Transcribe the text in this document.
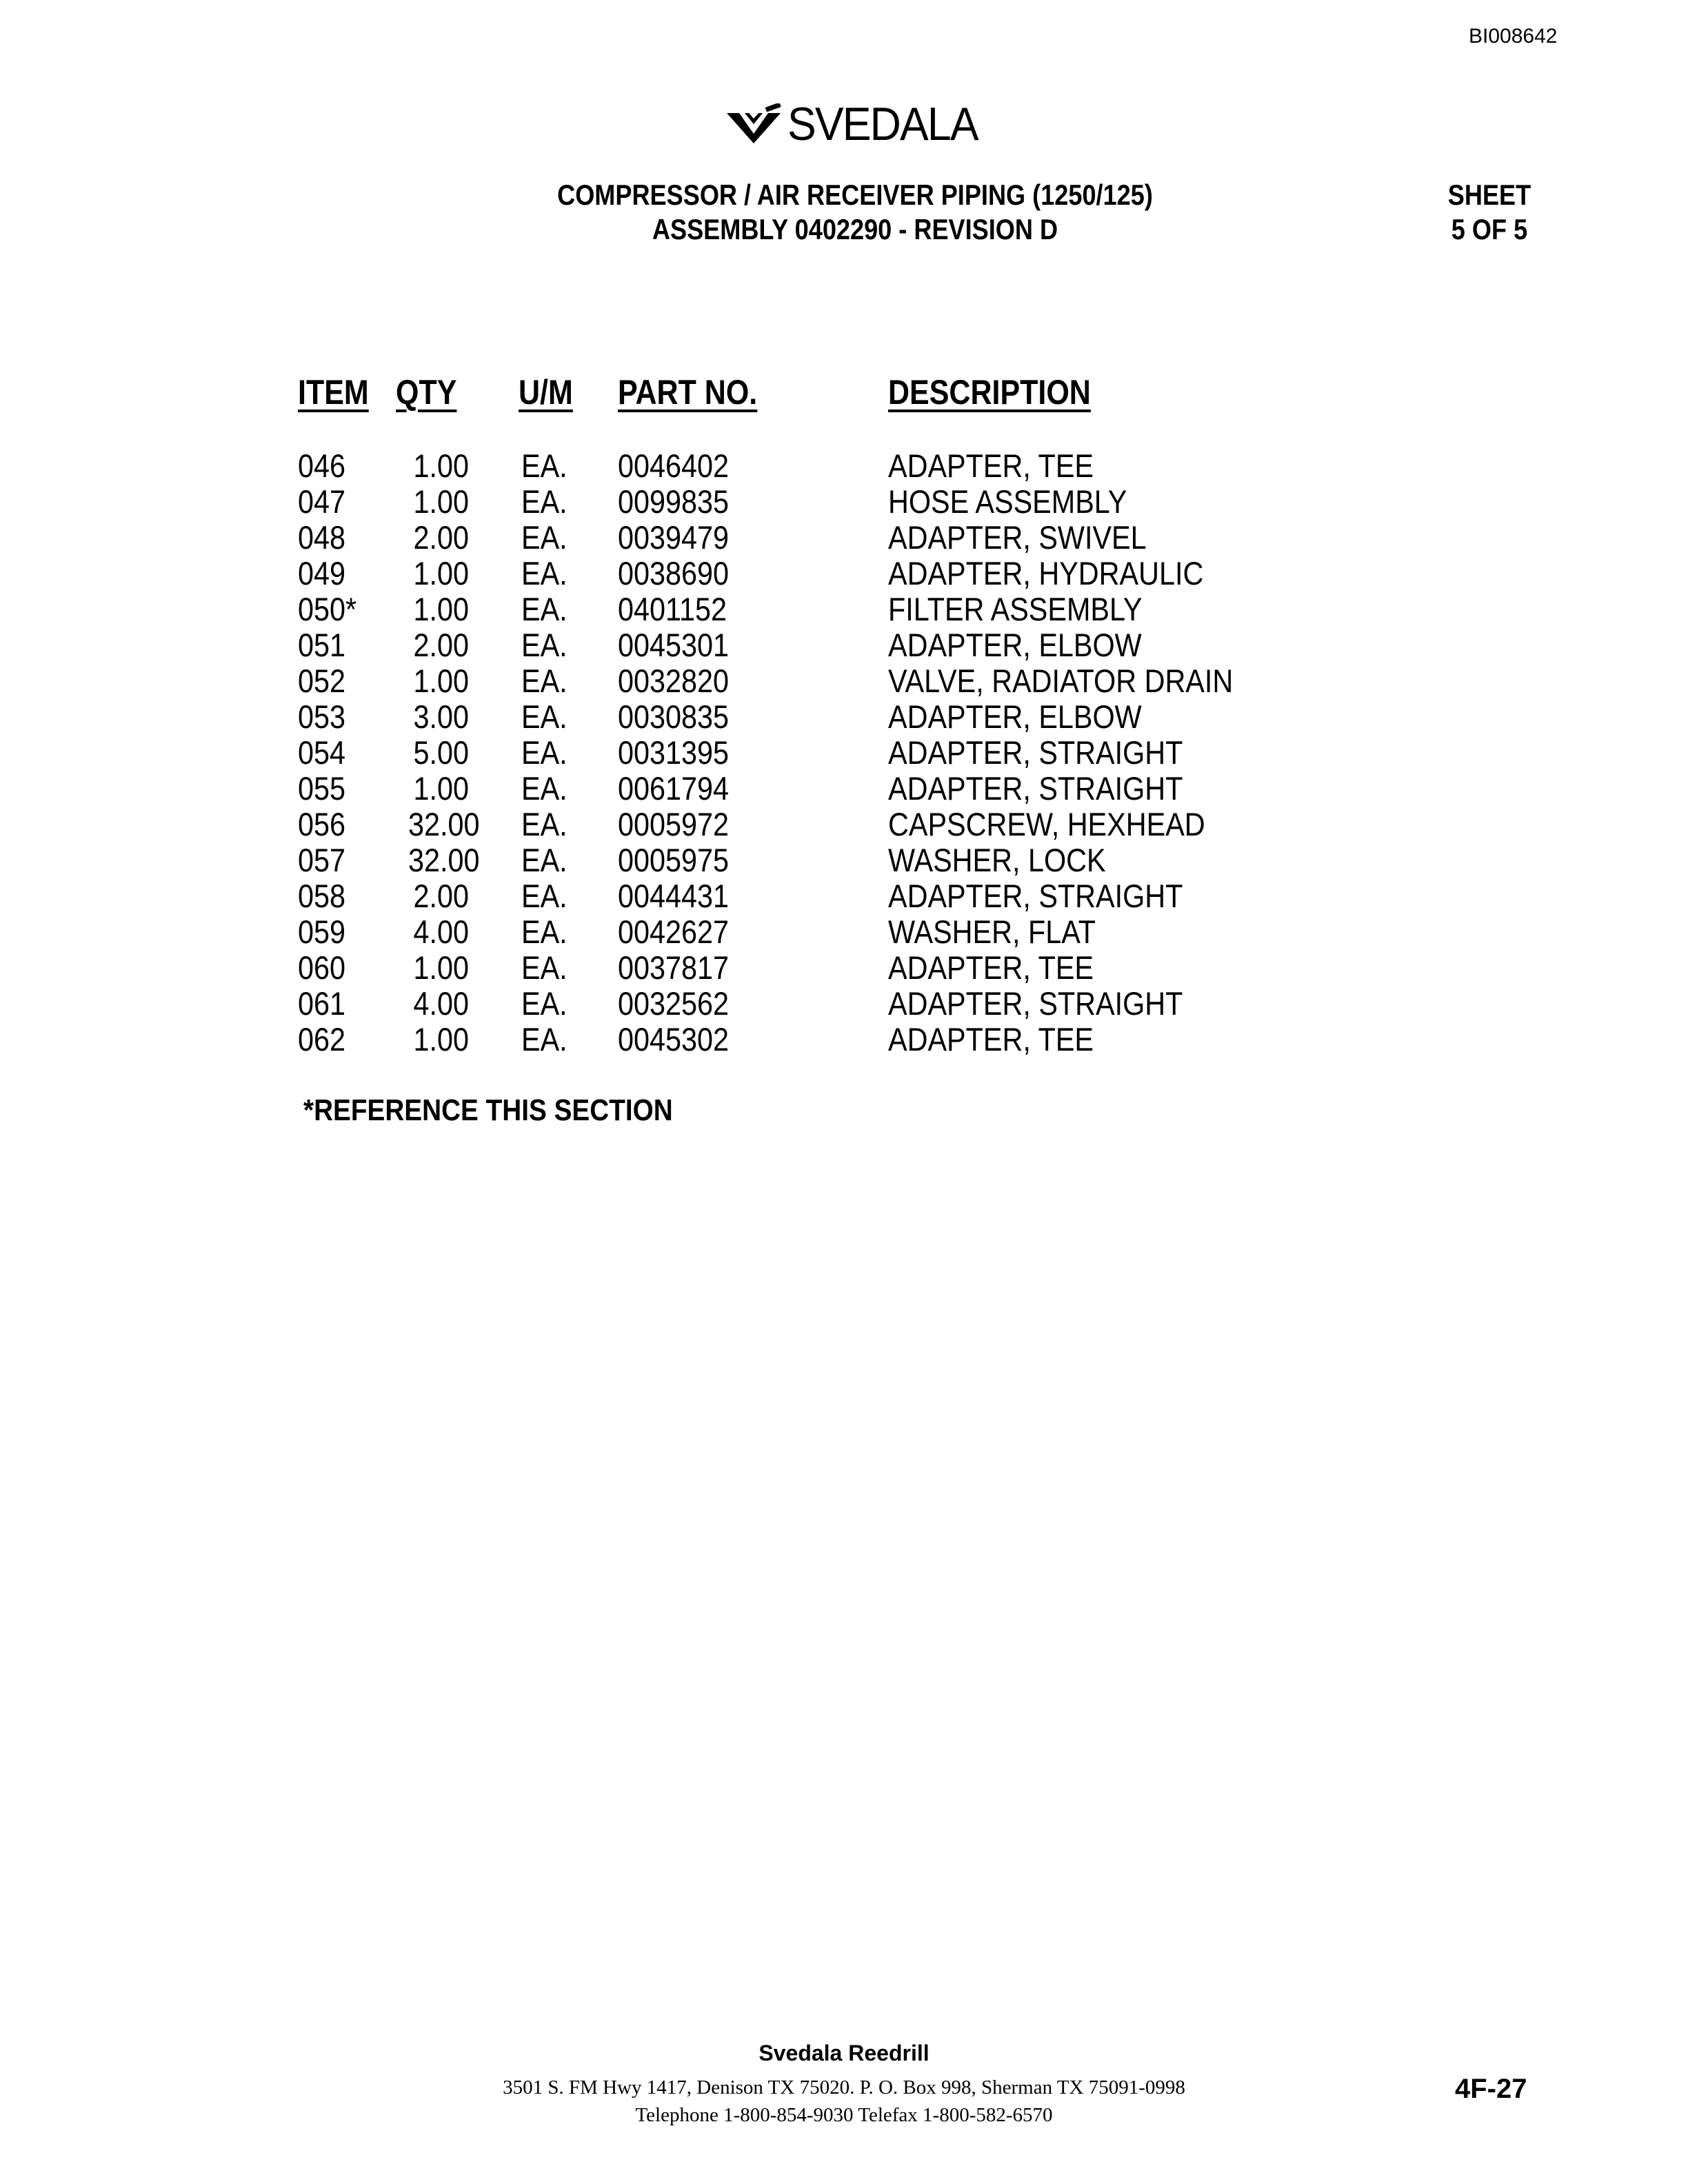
BI008642
SVEDALA
COMPRESSOR / AIR RECEIVER PIPING (1250/125)
ASSEMBLY 0402290 - REVISION D
SHEET
5 OF 5
ITEM QTY U/M PART NO.	DESCRIPTION
046 1.00 EA. 0046402	ADAPTER, TEE
047 1.00 EA. 0099835	HOSE ASSEMBLY
048 2.00 EA. 0039479	ADAPTER, SWIVEL
049 1.00 EA. 0038690	ADAPTER, HYDRAULIC
050* 1.00 EA. 0401152	FILTER ASSEMBLY
051 2.00 EA. 0045301	ADAPTER, ELBOW
052 1.00 EA. 0032820	VALVE, RADIATOR DRAIN
053 3.00 EA. 0030835	ADAPTER, ELBOW
054 5.00 EA. 0031395	ADAPTER, STRAIGHT
055 1.00 EA. 0061794	ADAPTER, STRAIGHT
056 32.00 EA. 0005972	CAPSCREW, HEXHEAD
057 32.00 EA. 0005975	WASHER, LOCK
058 2.00 EA. 0044431	ADAPTER, STRAIGHT
059 4.00 EA. 0042627	WASHER, FLAT
060 1.00 EA. 0037817	ADAPTER, TEE
061 4.00 EA. 0032562	ADAPTER, STRAIGHT
062 1.00 EA. 0045302	ADAPTER, TEE
*REFERENCE THIS SECTION
Svedala Reedrill
3501 S. FM Hwy 1417, Denison TX 75020. P. O. Box 998, Sherman TX 75091-0998
Telephone 1-800-854-9030 Telefax 1-800-582-6570
4F-27
